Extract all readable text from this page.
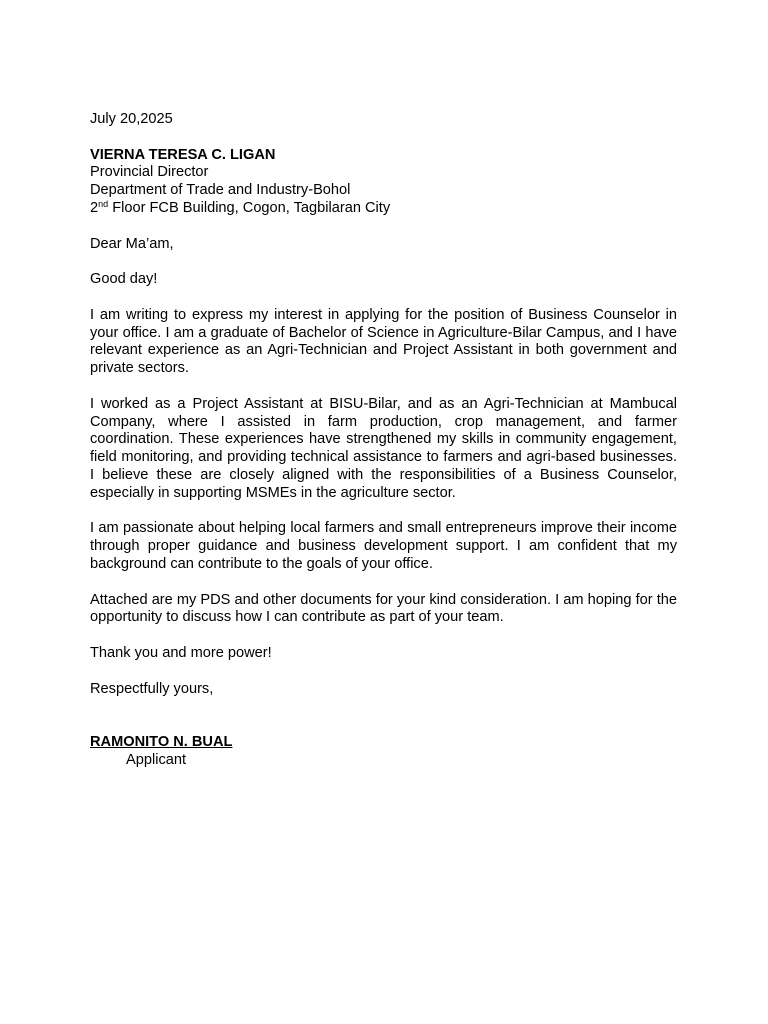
July 20,2025
VIERNA TERESA C. LIGAN
Provincial Director
Department of Trade and Industry-Bohol
2nd Floor FCB Building, Cogon, Tagbilaran City
Dear Ma’am,
Good day!

I am writing to express my interest in applying for the position of Business Counselor in your office. I am a graduate of Bachelor of Science in Agriculture-Bilar Campus, and I have relevant experience as an Agri-Technician and Project Assistant in both government and private sectors.

I worked as a Project Assistant at BISU-Bilar, and as an Agri-Technician at Mambucal Company, where I assisted in farm production, crop management, and farmer coordination. These experiences have strengthened my skills in community engagement, field monitoring, and providing technical assistance to farmers and agri-based businesses. I believe these are closely aligned with the responsibilities of a Business Counselor, especially in supporting MSMEs in the agriculture sector.

I am passionate about helping local farmers and small entrepreneurs improve their income through proper guidance and business development support. I am confident that my background can contribute to the goals of your office.

Attached are my PDS and other documents for your kind consideration. I am hoping for the opportunity to discuss how I can contribute as part of your team.

Thank you and more power!
Respectfully yours,
RAMONITO N. BUAL
Applicant
